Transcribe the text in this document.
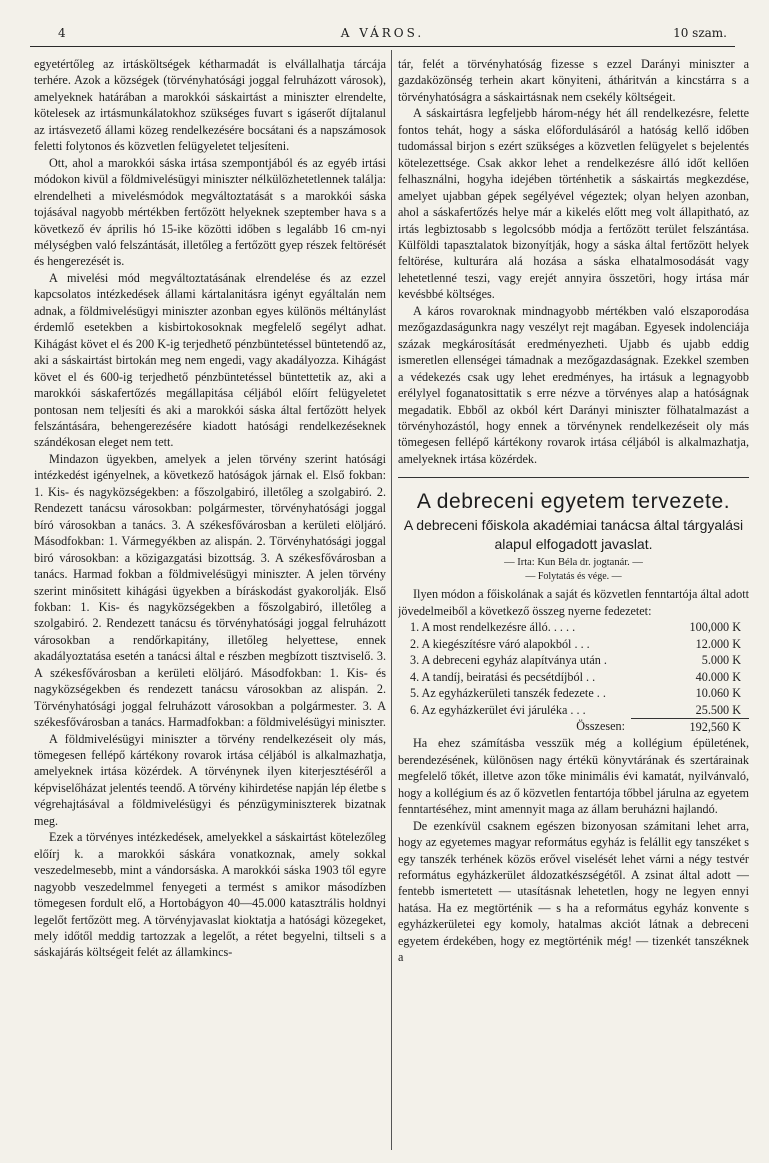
4	A VÁROS.	10 szam.

egyetértőleg az irtásköltségek kétharmadát is elvállalhatja tárcája terhére. Azok a községek (törvényhatósági joggal felruházott városok), amelyeknek határában a marokkói sáskairtást a miniszter elrendelte, kötelesek az irtásmunkálatokhoz szükséges fuvart s igáserőt díjtalanul az irtásvezető állami közeg rendelkezésére bocsátani és a napszámosok feletti folytonos és közvetlen felügyeletet teljesíteni.

Ott, ahol a marokkói sáska irtása szempontjából és az egyéb irtási módokon kivül a földmivelésügyi miniszter nélkülözhetetlennek találja: elrendelheti a mivelésmódok megváltoztatását s a marokkói sáska tojásával nagyobb mértékben fertőzött helyeknek szeptember hava s a következő év április hó 15-ike közötti időben s legalább 16 cm-nyi mélységben való felszántását, illetőleg a fertőzött gyep részek feltörését és hengerezését is.

A mivelési mód megváltoztatásának elrendelése és az ezzel kapcsolatos intézkedések állami kártalanitásra igényt egyáltalán nem adnak, a földmivelésügyi miniszter azonban egyes különös méltánylást érdemlő esetekben a kisbirtokosoknak megfelelő segélyt adhat. Kihágást követ el és 200 K-ig terjedhető pénzbüntetéssel büntetendő az, aki a sáskairtást birtokán meg nem engedi, vagy akadályozza. Kihágást követ el és 600-ig terjedhető pénzbüntetéssel büntettetik az, aki a marokkói sáskafertőzés megállapitása céljából előírt felügyeletet pontosan nem teljesíti és aki a marokkói sáska által fertőzött helyek felszántására, behengerezésére kiadott hatósági rendelkezéseknek szándékosan eleget nem tett.

Mindazon ügyekben, amelyek a jelen törvény szerint hatósági intézkedést igényelnek, a következő hatóságok járnak el. Első fokban: 1. Kis- és nagyközségekben: a főszolgabiró, illetőleg a szolgabiró. 2. Rendezett tanácsu városokban: polgármester, törvényhatósági joggal bíró városokban a tanács. 3. A székesfővárosban a kerületi elöljáró. Másodfokban: 1. Vármegyékben az alispán. 2. Törvényhatósági joggal biró városokban: a közigazgatási bizottság. 3. A székesfővárosban a tanács. Harmad fokban a földmivelésügyi miniszter. A jelen törvény szerint minősitett kihágási ügyekben a bíráskodást gyakorolják. Első fokban: 1. Kis- és nagyközségekben a főszolgabiró, illetőleg a szolgabiró. 2. Rendezett tanácsu és törvényhatósági joggal felruházott városokban a rendőrkapitány, illetőleg helyettese, ennek akadályoztatása esetén a tanácsi által e részben megbízott tisztviselő. 3. A székesfővárosban a kerületi elöljáró. Másodfokban: 1. Kis- és nagyközségekben és rendezett tanácsu városokban az alispán. 2. Törvényhatósági joggal felruházott városokban a polgármester. 3. A székesfővárosban a tanács. Harmadfokban: a földmivelésügyi miniszter.

A földmivelésügyi miniszter a törvény rendelkezéseit oly más, tömegesen fellépő kártékony rovarok irtása céljából is alkalmazhatja, amelyeknek irtása közérdek. A törvénynek ilyen kiterjesztéséről a képviselőházat jelentés teendő. A törvény kihirdetése napján lép életbe s végrehajtásával a földmivelésügyi és pénzügyminiszterek bizatnak meg.

Ezek a törvényes intézkedések, amelyekkel a sáskairtást kötelezőleg előírj k. a marokkói sáskára vonatkoznak, amely sokkal veszedelmesebb, mint a vándorsáska. A marokkói sáska 1903 től egyre nagyobb veszedelmmel fenyegeti a termést s amikor másodízben tömegesen fordult elő, a Hortobágyon 40—45.000 katasztrális holdnyi legelőt fertőzött meg. A törvényjavaslat kioktatja a hatósági közegeket, mely időtől meddig tartozzak a legelőt, a rétet begyelni, tiltseli s a sáskajárás költségeit felét az államkincs-

tár, felét a törvényhatóság fizesse s ezzel Darányi miniszter a gazdaközönség terhein akart könyiteni, átháritván a kincstárra s a törvényhatóságra a sáskairtásnak nem csekély költségeit.

A sáskairtásra legfeljebb három-négy hét áll rendelkezésre, felette fontos tehát, hogy a sáska előfordulásáról a hatóság kellő időben tudomással birjon s ezért szükséges a közvetlen felügyelet s bejelentés kötelezettsége. Csak akkor lehet a rendelkezésre álló időt kellően felhasználni, hogyha idejében történhetik a sáskairtás megkezdése, amelyet ujabban gépek segélyével végeztek; olyan helyen azonban, ahol a sáskafertőzés helye már a kikelés előtt meg volt állapitható, az irtás legbiztosabb s legolcsóbb módja a fertőzött terület felszántása. Külföldi tapasztalatok bizonyítják, hogy a sáska által fertőzött helyek feltörése, kulturára alá hozása a sáska elhatalmosodását vagy lehetetlenné teszi, vagy erejét annyira összetöri, hogy irtása már kevésbbé költséges.

A káros rovaroknak mindnagyobb mértékben való elszaporodása mezőgazdaságunkra nagy veszélyt rejt magában. Egyesek indolenciája százak megkárosítását eredményezheti. Ujabb és ujabb eddig ismeretlen ellenségei támadnak a mezőgazdaságnak. Ezekkel szemben a védekezés csak ugy lehet eredményes, ha irtásuk a legnagyobb erélylyel foganatosittatik s erre nézve a törvényes alap a hatóságnak megadatik. Ebből az okból kért Darányi miniszter fölhatalmazást a törvényhozástól, hogy ennek a törvénynek rendelkezéseit oly más tömegesen fellépő kártékony rovarok irtása céljából is alkalmazhatja, amelyeknek irtása közérdek.

A debreceni egyetem tervezete.
A debreceni főiskola akadémiai tanácsa által tárgyalási alapul elfogadott javaslat.
— Irta: Kun Béla dr. jogtanár. —
— Folytatás és vége. —

Ilyen módon a főiskolának a saját és közvetlen fenntartója által adott jövedelmeiből a következő összeg nyerne fedezetet:

1. A most rendelkezésre álló. . . . .	100,000 K
2. A kiegészítésre váró alapokból . . .	12.000 K
3. A debreceni egyház alapítványa után .	5.000 K
4. A tandíj, beiratási és pecsétdíjból . .	40.000 K
5. Az egyházkerületi tanszék fedezete . .	10.060 K
6. Az egyházkerület évi járuléka . . .	25.500 K
Összesen:	192,560 K

Ha ehez számításba vesszük még a kollégium épületének, berendezésének, különösen nagy értékü könyvtárának és szertárainak megfelelő tőkét, illetve azon tőke minimális évi kamatát, nyilvánvaló, hogy a kollégium és az ő közvetlen fentartója tőbbel járulna az egyetem fenntartéséhez, mint amennyit maga az állam beruházni hajlandó.

De ezenkívül csaknem egészen bizonyosan számitani lehet arra, hogy az egyetemes magyar református egyház is felállit egy tanszéket s egy tanszék terhének közös erővel viselését lehet várni a négy testvér református egyházkerület áldozatkészségétől. A zsinat által adott — fentebb ismertetett — utasításnak lehetetlen, hogy ne legyen ennyi hatása. Ha ez megtörténik — s ha a református egyház konvente s egyházkerületei egy komoly, hatalmas akciót látnak a debreceni egyetem érdekében, hogy ez megtörténik még! — tizenkét tanszéknek a
